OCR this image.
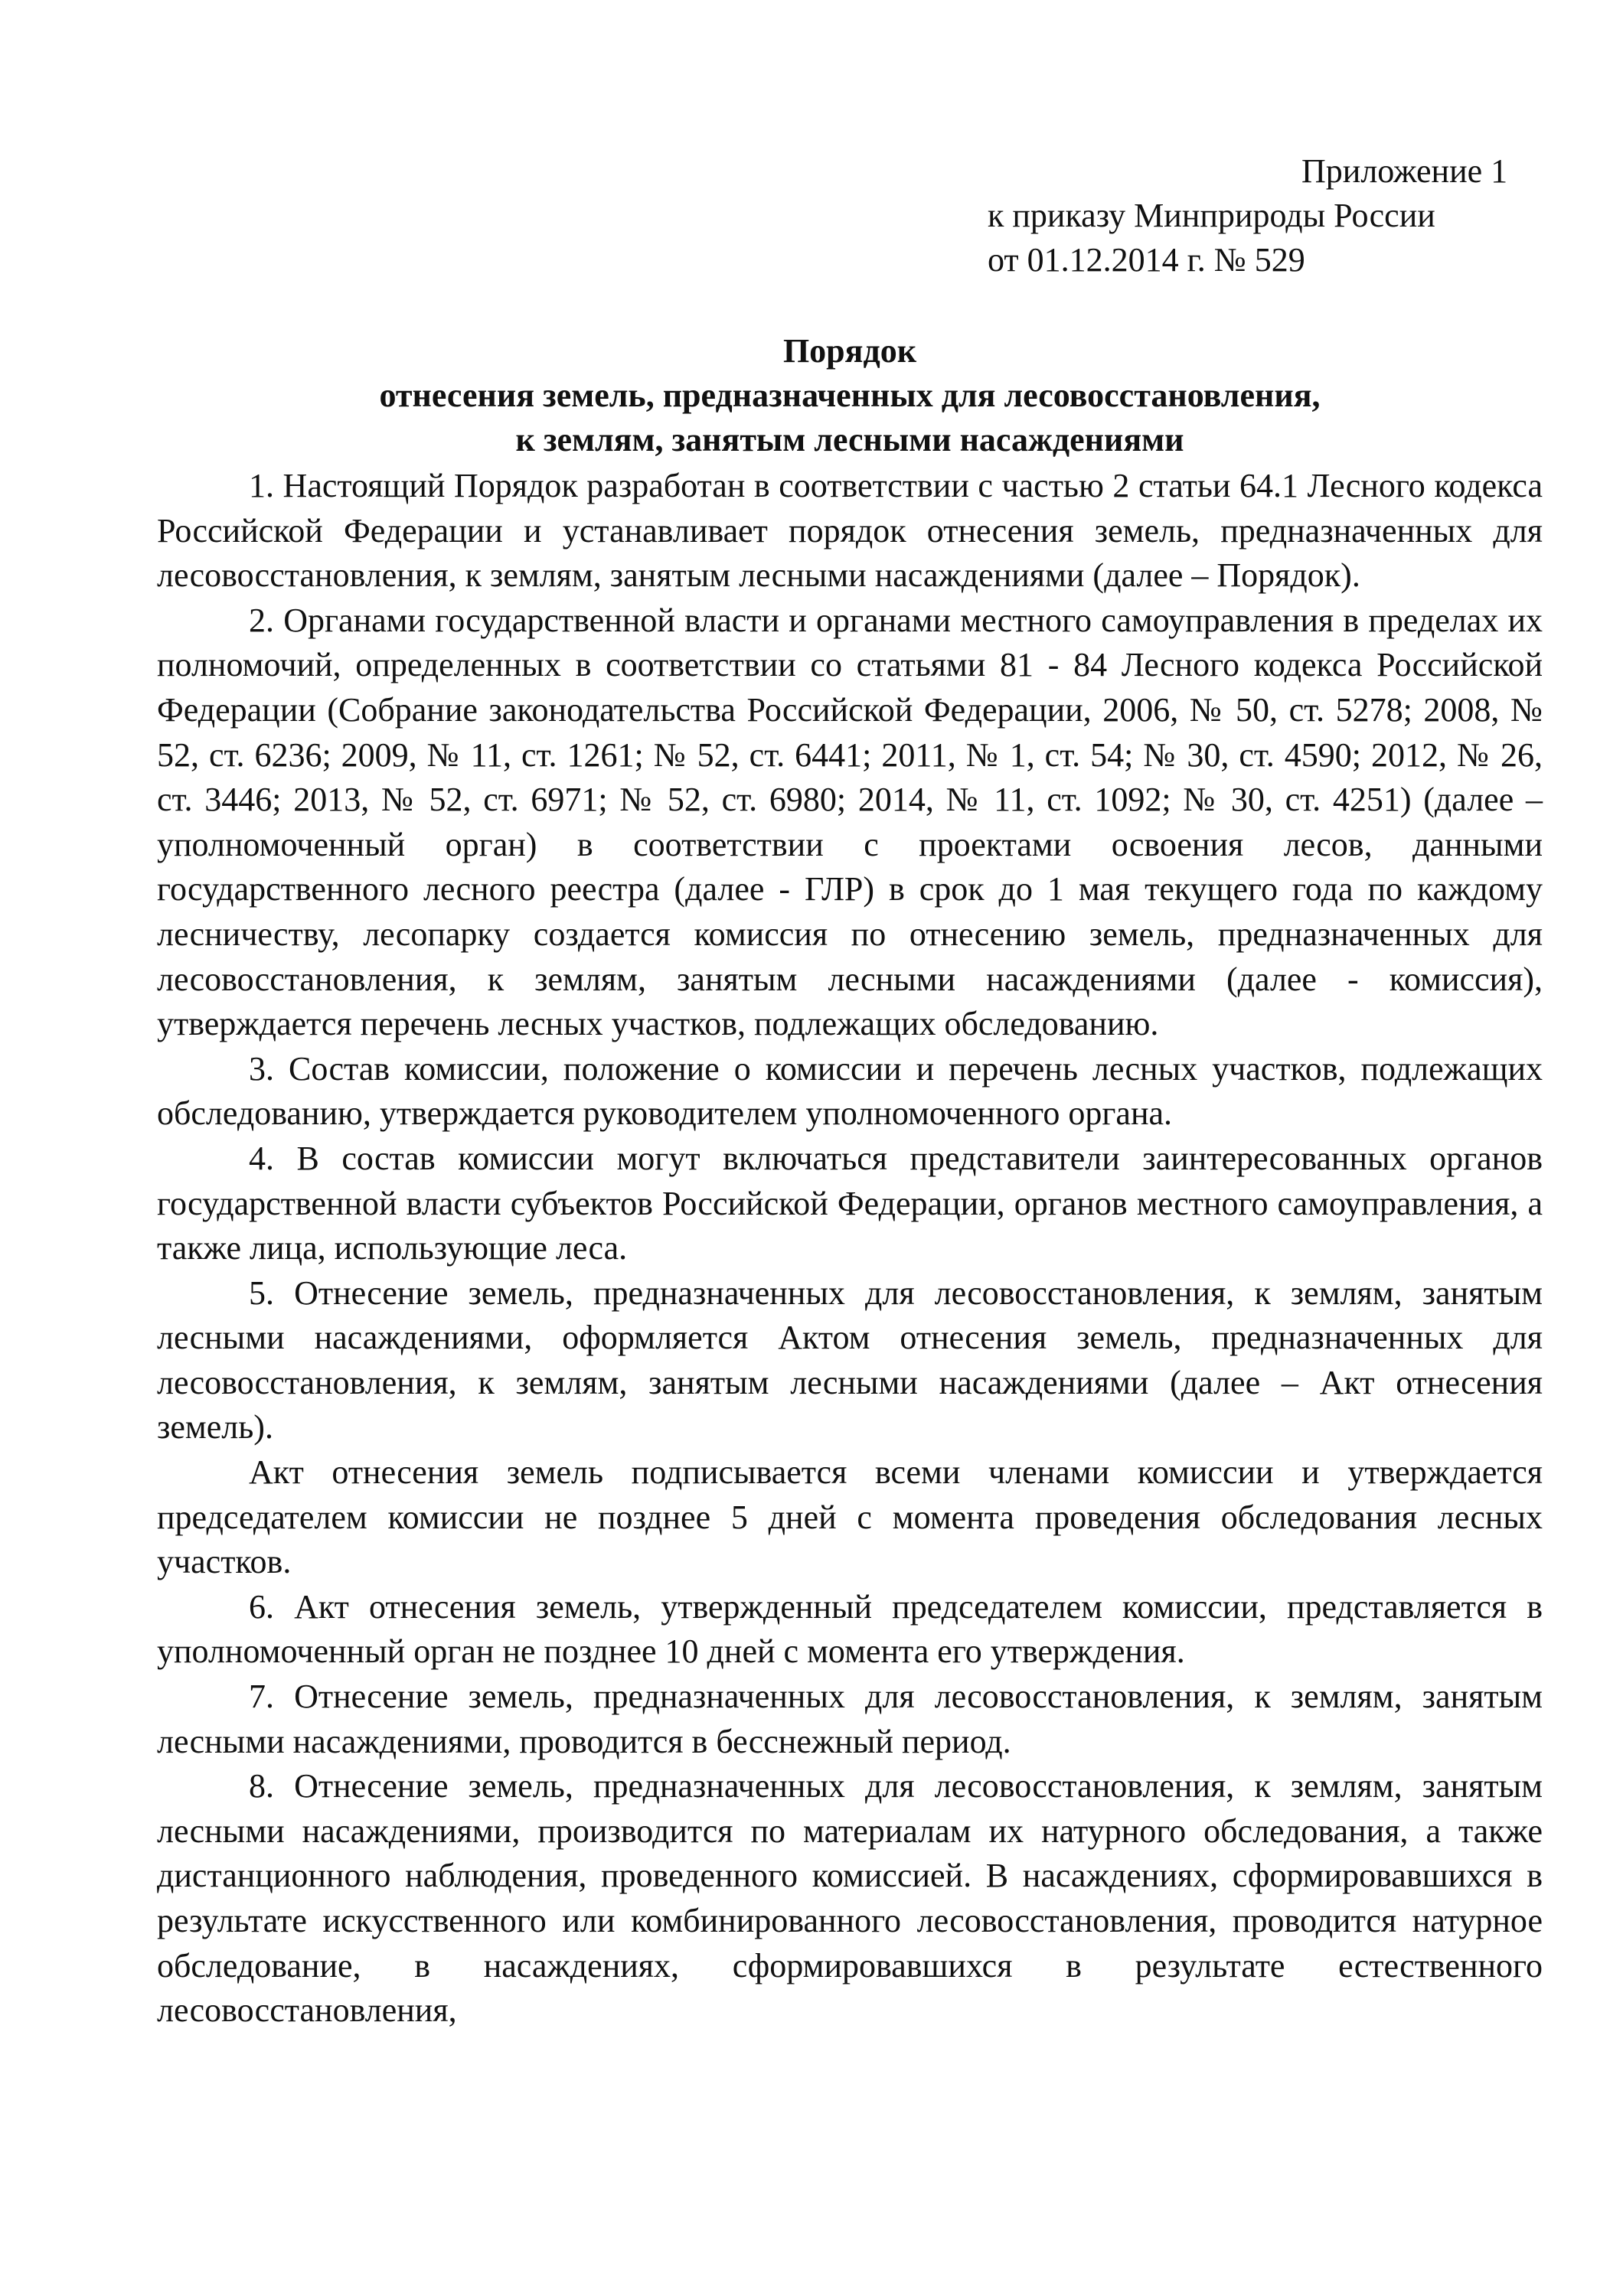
Приложение 1
к приказу Минприроды России
от 01.12.2014 г. № 529
Порядок
отнесения земель, предназначенных для лесовосстановления,
к землям, занятым лесными насаждениями

1. Настоящий Порядок разработан в соответствии с частью 2 статьи 64.1 Лесного кодекса Российской Федерации и устанавливает порядок отнесения земель, предназначенных для лесовосстановления, к землям, занятым лесными насаждениями (далее – Порядок).

2. Органами государственной власти и органами местного самоуправления в пределах их полномочий, определенных в соответствии со статьями 81 - 84 Лесного кодекса Российской Федерации (Собрание законодательства Российской Федерации, 2006, № 50, ст. 5278; 2008, № 52, ст. 6236; 2009, № 11, ст. 1261; № 52, ст. 6441; 2011, № 1, ст. 54; № 30, ст. 4590; 2012, № 26, ст. 3446; 2013, № 52, ст. 6971; № 52, ст. 6980; 2014, № 11, ст. 1092; № 30, ст. 4251) (далее – уполномоченный орган) в соответствии с проектами освоения лесов, данными государственного лесного реестра (далее - ГЛР) в срок до 1 мая текущего года по каждому лесничеству, лесопарку создается комиссия по отнесению земель, предназначенных для лесовосстановления, к землям, занятым лесными насаждениями (далее - комиссия), утверждается перечень лесных участков, подлежащих обследованию.

3. Состав комиссии, положение о комиссии и перечень лесных участков, подлежащих обследованию, утверждается руководителем уполномоченного органа.

4. В состав комиссии могут включаться представители заинтересованных органов государственной власти субъектов Российской Федерации, органов местного самоуправления, а также лица, использующие леса.

5. Отнесение земель, предназначенных для лесовосстановления, к землям, занятым лесными насаждениями, оформляется Актом отнесения земель, предназначенных для лесовосстановления, к землям, занятым лесными насаждениями (далее – Акт отнесения земель).

Акт отнесения земель подписывается всеми членами комиссии и утверждается председателем комиссии не позднее 5 дней с момента проведения обследования лесных участков.

6. Акт отнесения земель, утвержденный председателем комиссии, представляется в уполномоченный орган не позднее 10 дней с момента его утверждения.

7. Отнесение земель, предназначенных для лесовосстановления, к землям, занятым лесными насаждениями, проводится в бесснежный период.

8. Отнесение земель, предназначенных для лесовосстановления, к землям, занятым лесными насаждениями, производится по материалам их натурного обследования, а также дистанционного наблюдения, проведенного комиссией. В насаждениях, сформировавшихся в результате искусственного или комбинированного лесовосстановления, проводится натурное обследование, в насаждениях, сформировавшихся в результате естественного лесовосстановления,
